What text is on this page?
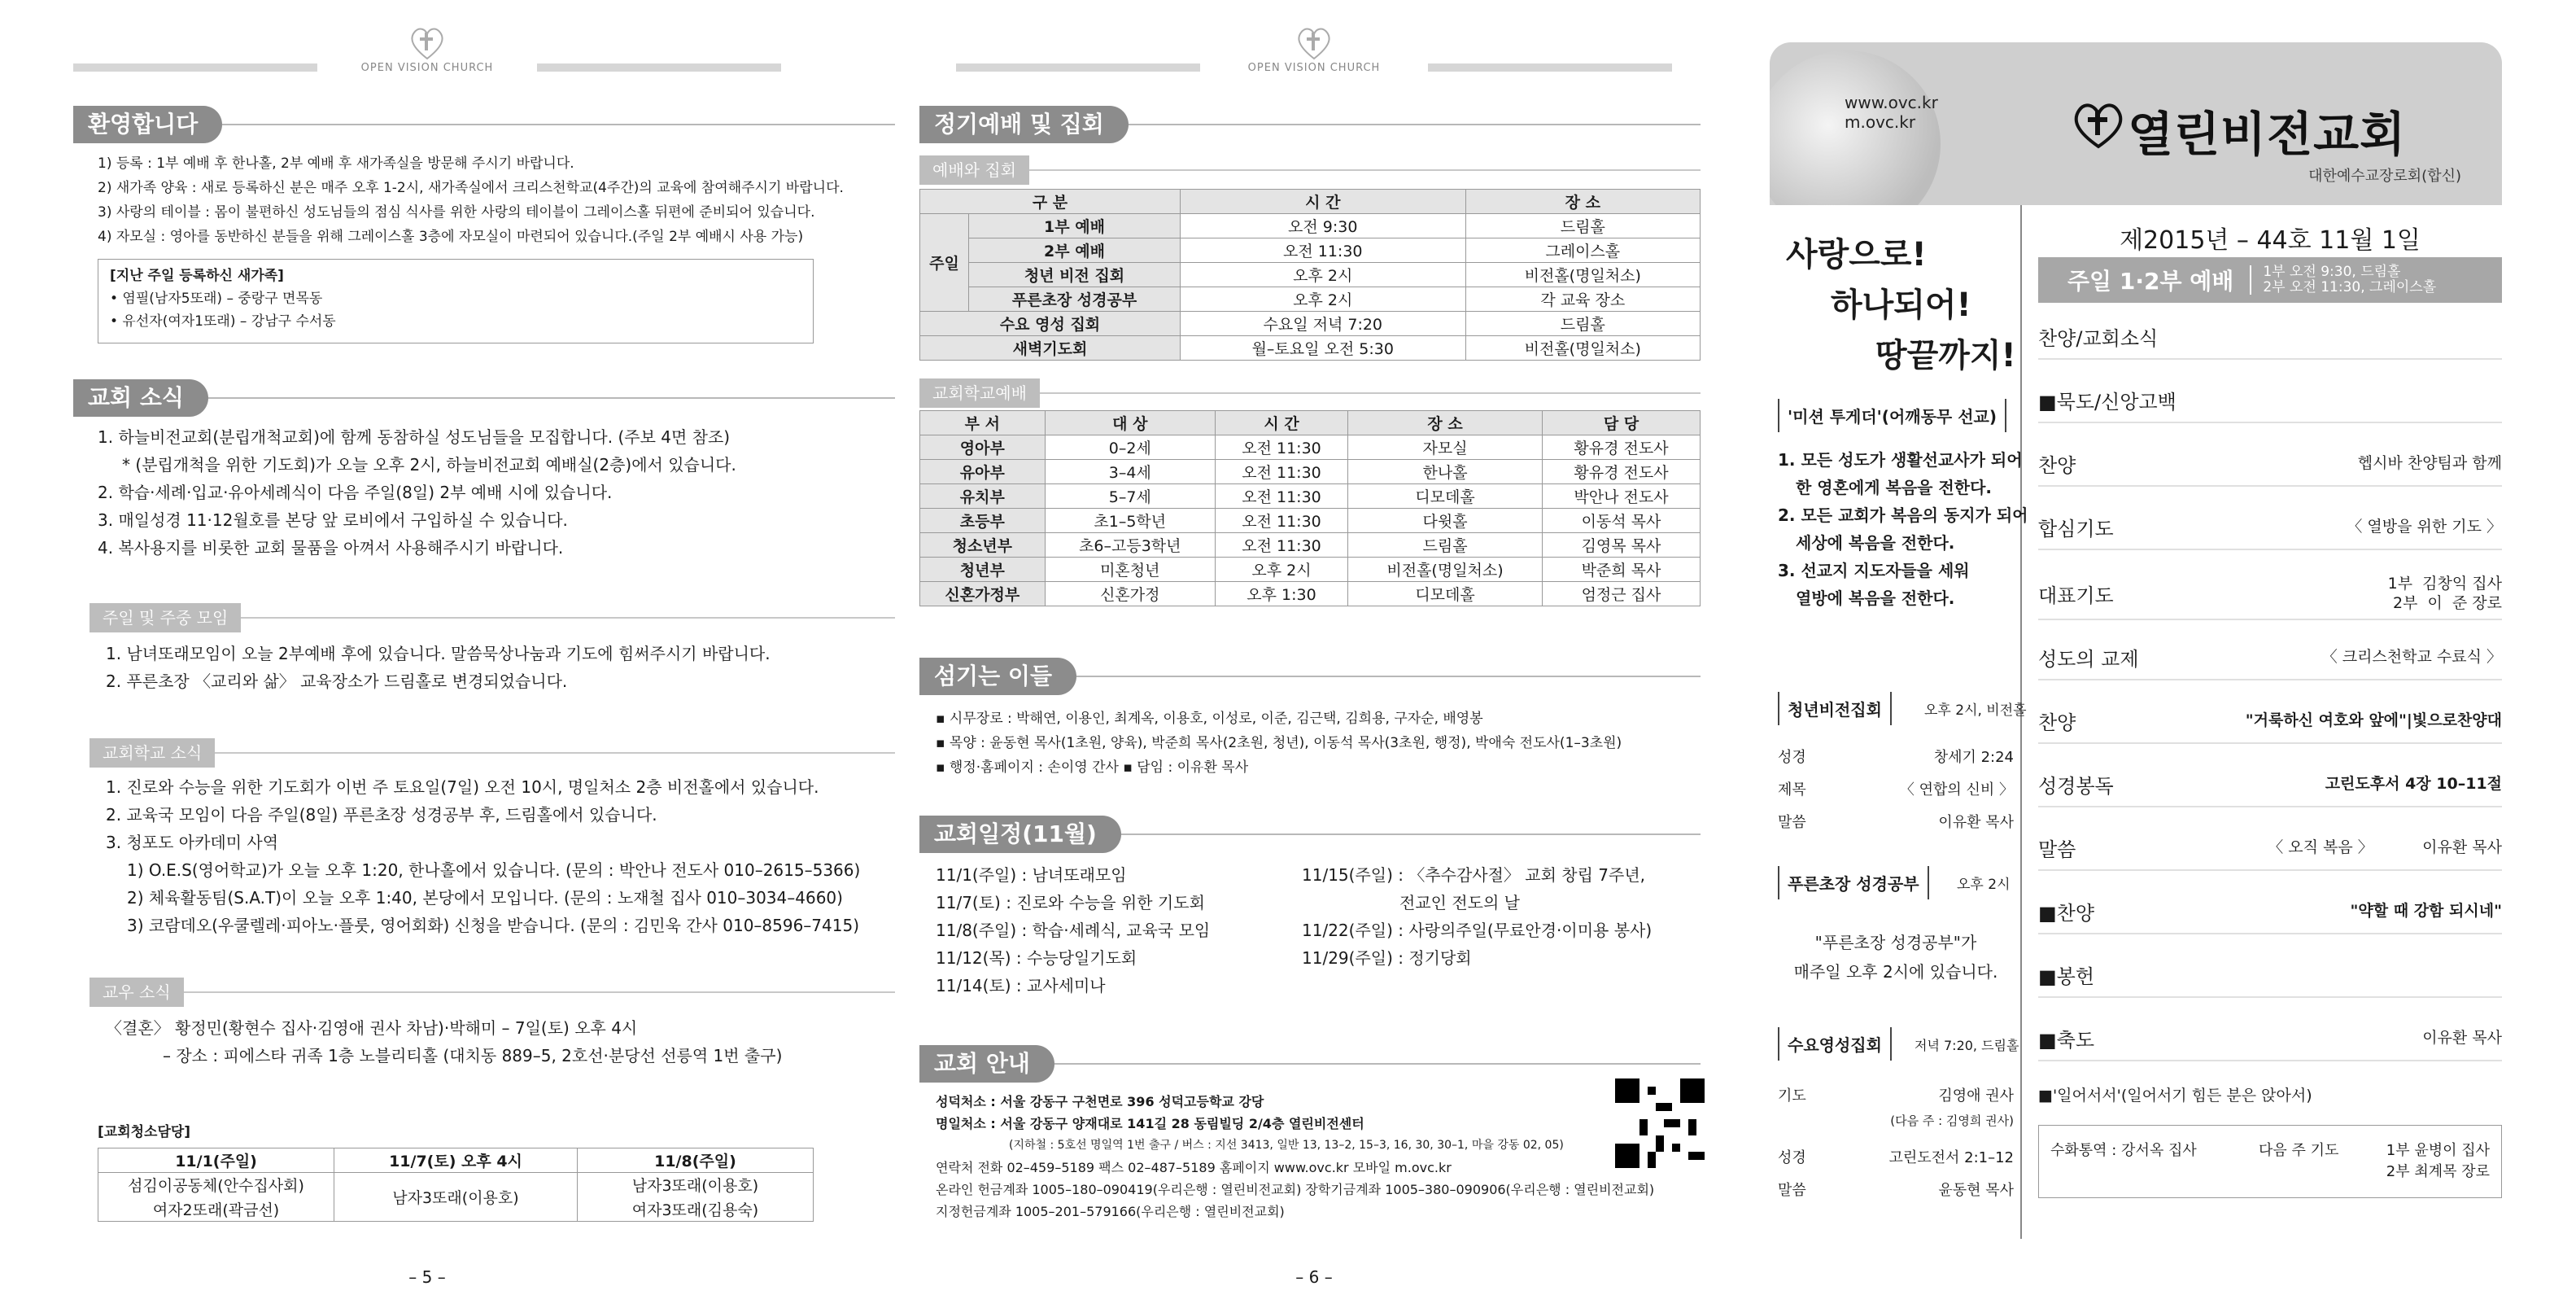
OPEN VISION CHURCH
환영합니다

1) 등록 : 1부 예배 후 한나홀, 2부 예배 후 새가족실을 방문해 주시기 바랍니다.

2) 새가족 양육 : 새로 등록하신 분은 매주 오후 1-2시, 새가족실에서 크리스천학교(4주간)의 교육에 참여해주시기 바랍니다.

3) 사랑의 테이블 : 몸이 불편하신 성도님들의 점심 식사를 위한 사랑의 테이블이 그레이스홀 뒤편에 준비되어 있습니다.

4) 자모실 : 영아를 동반하신 분들을 위해 그레이스홀 3층에 자모실이 마련되어 있습니다.(주일 2부 예배시 사용 가능)

[지난 주일 등록하신 새가족]

• 염필(남자5또래) – 중랑구 면목동

• 유선자(여자1또래) – 강남구 수서동

교회 소식

1. 하늘비전교회(분립개척교회)에 함께 동참하실 성도님들을 모집합니다. (주보 4면 참조)

* (분립개척을 위한 기도회)가 오늘 오후 2시, 하늘비전교회 예배실(2층)에서 있습니다.

2. 학습·세례·입교·유아세례식이 다음 주일(8일) 2부 예배 시에 있습니다.

3. 매일성경 11·12월호를 본당 앞 로비에서 구입하실 수 있습니다.

4. 복사용지를 비롯한 교회 물품을 아껴서 사용해주시기 바랍니다.

주일 및 주중 모임

1. 남녀또래모임이 오늘 2부예배 후에 있습니다. 말씀묵상나눔과 기도에 힘써주시기 바랍니다.

2. 푸른초장 〈교리와 삶〉 교육장소가 드림홀로 변경되었습니다.

교회학교 소식

1. 진로와 수능을 위한 기도회가 이번 주 토요일(7일) 오전 10시, 명일처소 2층 비전홀에서 있습니다.

2. 교육국 모임이 다음 주일(8일) 푸른초장 성경공부 후, 드림홀에서 있습니다.

3. 청포도 아카데미 사역

1) O.E.S(영어학교)가 오늘 오후 1:20, 한나홀에서 있습니다. (문의 : 박안나 전도사 010–2615–5366)

2) 체육활동팀(S.A.T)이 오늘 오후 1:40, 본당에서 모입니다. (문의 : 노재철 집사 010–3034–4660)

3) 코람데오(우쿨렐레·피아노·플룻, 영어회화) 신청을 받습니다. (문의 : 김민욱 간사 010–8596–7415)

교우 소식

〈결혼〉 황정민(황현수 집사·김영애 권사 차남)·박해미 – 7일(토) 오후 4시

– 장소 : 피에스타 귀족 1층 노블리티홀 (대치동 889–5, 2호선·분당선 선릉역 1번 출구)

[교회청소담당]
11/1(주일)	11/7(토) 오후 4시	11/8(주일)
섬김이공동체(안수집사회)	남자3또래(이용호)	남자3또래(이용호)
여자2또래(곽금선)		여자3또래(김용숙)
– 5 –
OPEN VISION CHURCH
정기예배 및 집회
예배와 집회
구 분		시 간	장 소
주일	1부 예배	오전 9:30	드림홀
	2부 예배	오전 11:30	그레이스홀
	청년 비전 집회	오후 2시	비전홀(명일처소)
	푸른초장 성경공부	오후 2시	각 교육 장소
수요 영성 집회		수요일 저녁 7:20	드림홀
새벽기도회		월–토요일 오전 5:30	비전홀(명일처소)
교회학교예배
부 서	대 상	시 간	장 소	담 당
영아부	0–2세	오전 11:30	자모실	황유경 전도사
유아부	3–4세	오전 11:30	한나홀	황유경 전도사
유치부	5–7세	오전 11:30	디모데홀	박안나 전도사
초등부	초1–5학년	오전 11:30	다윗홀	이동석 목사
청소년부	초6–고등3학년	오전 11:30	드림홀	김영목 목사
청년부	미혼청년	오후 2시	비전홀(명일처소)	박준희 목사
신혼가정부	신혼가정	오후 1:30	디모데홀	엄정근 집사
섬기는 이들

▪ 시무장로 : 박해연, 이용인, 최계옥, 이용호, 이성로, 이준, 김근택, 김희용, 구자순, 배영봉

▪ 목양 : 윤동현 목사(1초원, 양육), 박준희 목사(2초원, 청년), 이동석 목사(3초원, 행정), 박애숙 전도사(1–3초원)

▪ 행정·홈페이지 : 손이영 간사 ▪ 담임 : 이유환 목사

교회일정(11월)

11/1(주일) : 남녀또래모임

11/7(토) : 진로와 수능을 위한 기도회

11/8(주일) : 학습·세례식, 교육국 모임

11/12(목) : 수능당일기도회

11/14(토) : 교사세미나

11/15(주일) : 〈추수감사절〉 교회 창립 7주년,

전교인 전도의 날

11/22(주일) : 사랑의주일(무료안경·이미용 봉사)

11/29(주일) : 정기당회

교회 안내

성덕처소 : 서울 강동구 구천면로 396 성덕고등학교 강당

명일처소 : 서울 강동구 양재대로 141길 28 동림빌딩 2/4층 열린비전센터

(지하철 : 5호선 명일역 1번 출구 / 버스 : 지선 3413, 일반 13, 13–2, 15–3, 16, 30, 30–1, 마을 강동 02, 05)

연락처 전화 02–459–5189 팩스 02–487–5189 홈페이지 www.ovc.kr 모바일 m.ovc.kr

온라인 헌금계좌 1005–180–090419(우리은행 : 열린비전교회) 장학기금계좌 1005–380–090906(우리은행 : 열린비전교회)

지정헌금계좌 1005–201–579166(우리은행 : 열린비전교회)

– 6 –

www.ovc.kr

m.ovc.kr	열린비전교회
대한예수교장로회(합신)
사랑으로!
하나되어!
땅끝까지!
'미션 투게더'(어깨동무 선교)

1. 모든 성도가 생활선교사가 되어

한 영혼에게 복음을 전한다.

2. 모든 교회가 복음의 동지가 되어

세상에 복음을 전한다.

3. 선교지 지도자들을 세워

열방에 복음을 전한다.

청년비전집회	오후 2시, 비전홀
성경	창세기 2:24
제목	〈 연합의 신비 〉
말씀	이유환 목사
푸른초장 성경공부	오후 2시

"푸른초장 성경공부"가

매주일 오후 2시에 있습니다.

수요영성집회	저녁 7:20, 드림홀
기도	김영애 권사
(다음 주 : 김영희 권사)
성경	고린도전서 2:1–12
말씀	윤동현 목사
제2015년 – 44호 11월 1일
주일 1·2부 예배	1부 오전 9:30, 드림홀

2부 오전 11:30, 그레이스홀

찬양/교회소식
■묵도/신앙고백
찬양	헵시바 찬양팀과 함께
합심기도	〈 열방을 위한 기도 〉
대표기도
1부  김창익 집사
2부  이  준 장로
성도의 교제	〈 크리스천학교 수료식 〉
찬양	"거룩하신 여호와 앞에"|빛으로찬양대
성경봉독	고린도후서 4장 10–11절
말씀	〈 오직 복음 〉          이유환 목사
■찬양	"약할 때 강함 되시네"
■봉헌
■축도	이유환 목사
■'일어서서'(일어서기 힘든 분은 앉아서)
수화통역 : 강서옥 집사	다음 주 기도	1부 윤병이 집사

2부 최계목 장로
